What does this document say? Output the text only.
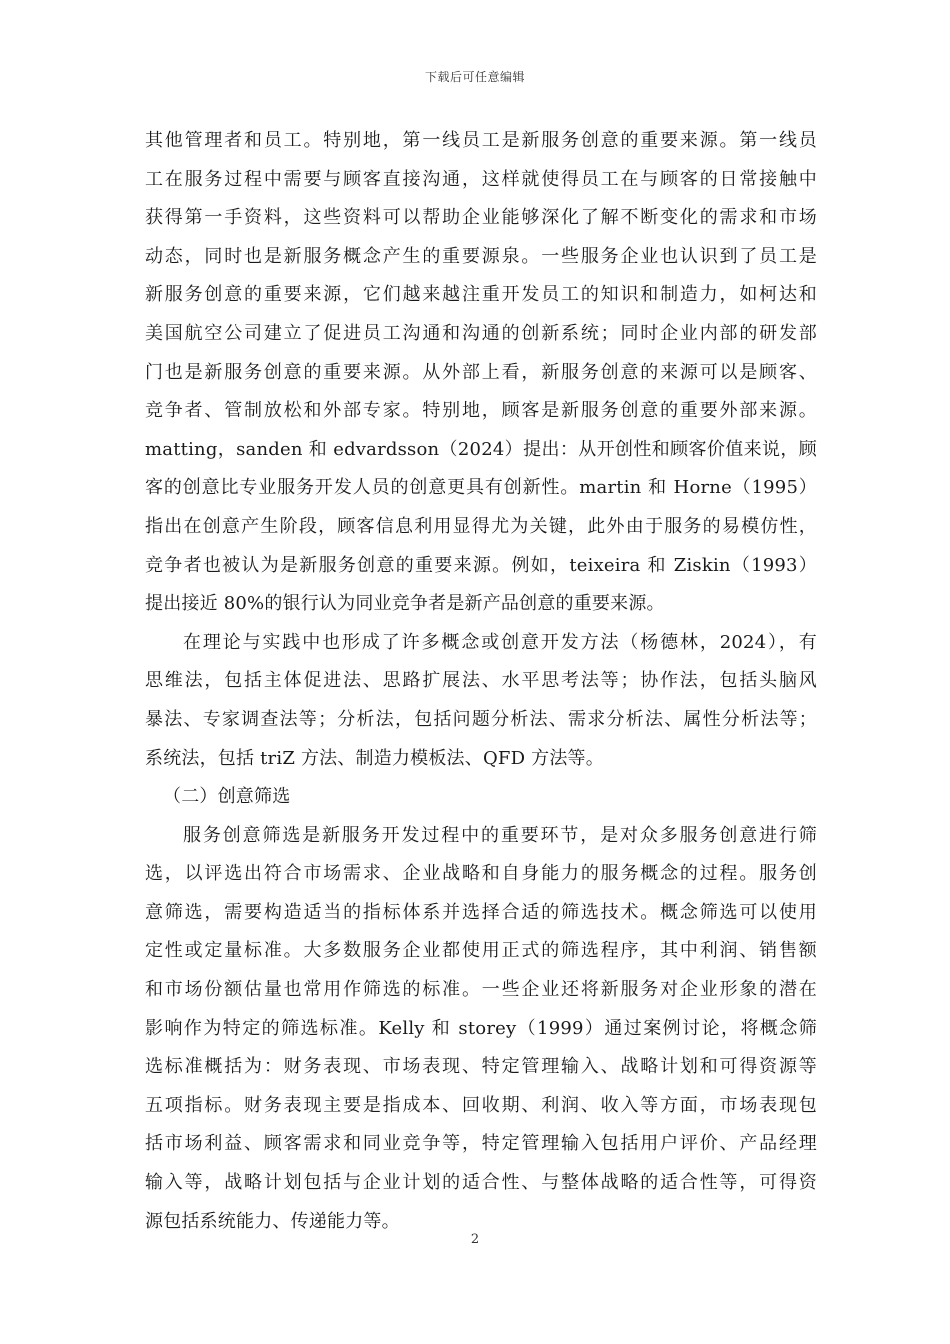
下载后可任意编辑
其他管理者和员工。特别地，第一线员工是新服务创意的重要来源。第一线员
工在服务过程中需要与顾客直接沟通，这样就使得员工在与顾客的日常接触中
获得第一手资料，这些资料可以帮助企业能够深化了解不断变化的需求和市场
动态，同时也是新服务概念产生的重要源泉。一些服务企业也认识到了员工是
新服务创意的重要来源，它们越来越注重开发员工的知识和制造力，如柯达和
美国航空公司建立了促进员工沟通和沟通的创新系统；同时企业内部的研发部
门也是新服务创意的重要来源。从外部上看，新服务创意的来源可以是顾客、
竞争者、管制放松和外部专家。特别地，顾客是新服务创意的重要外部来源。
matting，sanden 和 edvardsson（2024）提出：从开创性和顾客价值来说，顾
客的创意比专业服务开发人员的创意更具有创新性。martin 和 Horne（1995）
指出在创意产生阶段，顾客信息利用显得尤为关键，此外由于服务的易模仿性，
竞争者也被认为是新服务创意的重要来源。例如，teixeira 和 Ziskin（1993）
提出接近 80%的银行认为同业竞争者是新产品创意的重要来源。
在理论与实践中也形成了许多概念或创意开发方法（杨德林，2024），有
思维法，包括主体促进法、思路扩展法、水平思考法等；协作法，包括头脑风
暴法、专家调查法等；分析法，包括问题分析法、需求分析法、属性分析法等；
系统法，包括 triZ 方法、制造力模板法、QFD 方法等。
（二）创意筛选
服务创意筛选是新服务开发过程中的重要环节，是对众多服务创意进行筛
选，以评选出符合市场需求、企业战略和自身能力的服务概念的过程。服务创
意筛选，需要构造适当的指标体系并选择合适的筛选技术。概念筛选可以使用
定性或定量标准。大多数服务企业都使用正式的筛选程序，其中利润、销售额
和市场份额估量也常用作筛选的标准。一些企业还将新服务对企业形象的潜在
影响作为特定的筛选标准。Kelly 和 storey（1999）通过案例讨论，将概念筛
选标准概括为：财务表现、市场表现、特定管理输入、战略计划和可得资源等
五项指标。财务表现主要是指成本、回收期、利润、收入等方面，市场表现包
括市场利益、顾客需求和同业竞争等，特定管理输入包括用户评价、产品经理
输入等，战略计划包括与企业计划的适合性、与整体战略的适合性等，可得资
源包括系统能力、传递能力等。
2
